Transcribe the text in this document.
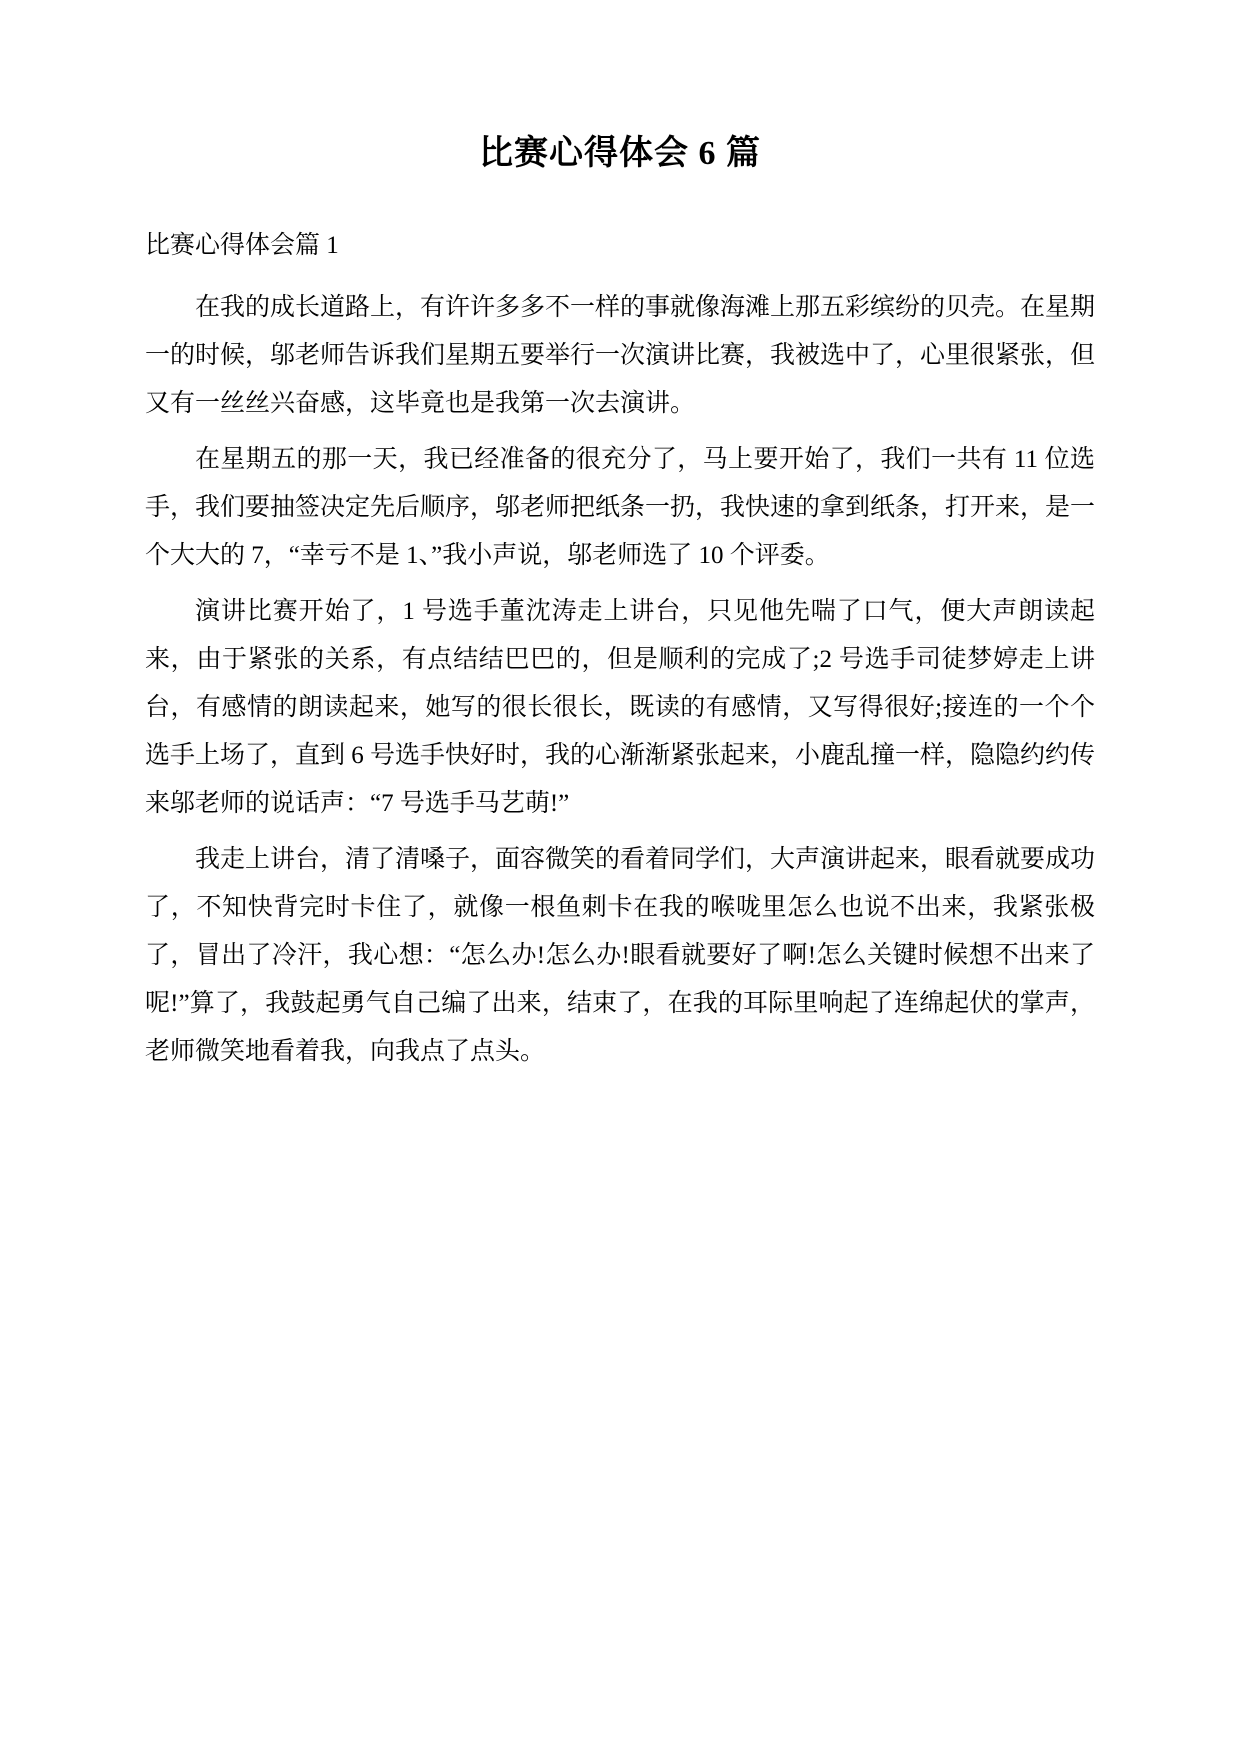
比赛心得体会 6 篇
比赛心得体会篇 1

在我的成长道路上，有许许多多不一样的事就像海滩上那五彩缤纷的贝壳。在星期一的时候，邬老师告诉我们星期五要举行一次演讲比赛，我被选中了，心里很紧张，但又有一丝丝兴奋感，这毕竟也是我第一次去演讲。

在星期五的那一天，我已经准备的很充分了，马上要开始了，我们一共有 11 位选手，我们要抽签决定先后顺序，邬老师把纸条一扔，我快速的拿到纸条，打开来，是一个大大的 7，“幸亏不是 1、”我小声说，邬老师选了 10 个评委。

演讲比赛开始了，1 号选手董沈涛走上讲台，只见他先喘了口气，便大声朗读起来，由于紧张的关系，有点结结巴巴的，但是顺利的完成了;2 号选手司徒梦婷走上讲台，有感情的朗读起来，她写的很长很长，既读的有感情，又写得很好;接连的一个个选手上场了，直到 6 号选手快好时，我的心渐渐紧张起来，小鹿乱撞一样，隐隐约约传来邬老师的说话声：“7 号选手马艺萌!”

我走上讲台，清了清嗓子，面容微笑的看着同学们，大声演讲起来，眼看就要成功了，不知快背完时卡住了，就像一根鱼刺卡在我的喉咙里怎么也说不出来，我紧张极了，冒出了冷汗，我心想：“怎么办!怎么办!眼看就要好了啊!怎么关键时候想不出来了呢!”算了，我鼓起勇气自己编了出来，结束了，在我的耳际里响起了连绵起伏的掌声，老师微笑地看着我，向我点了点头。
